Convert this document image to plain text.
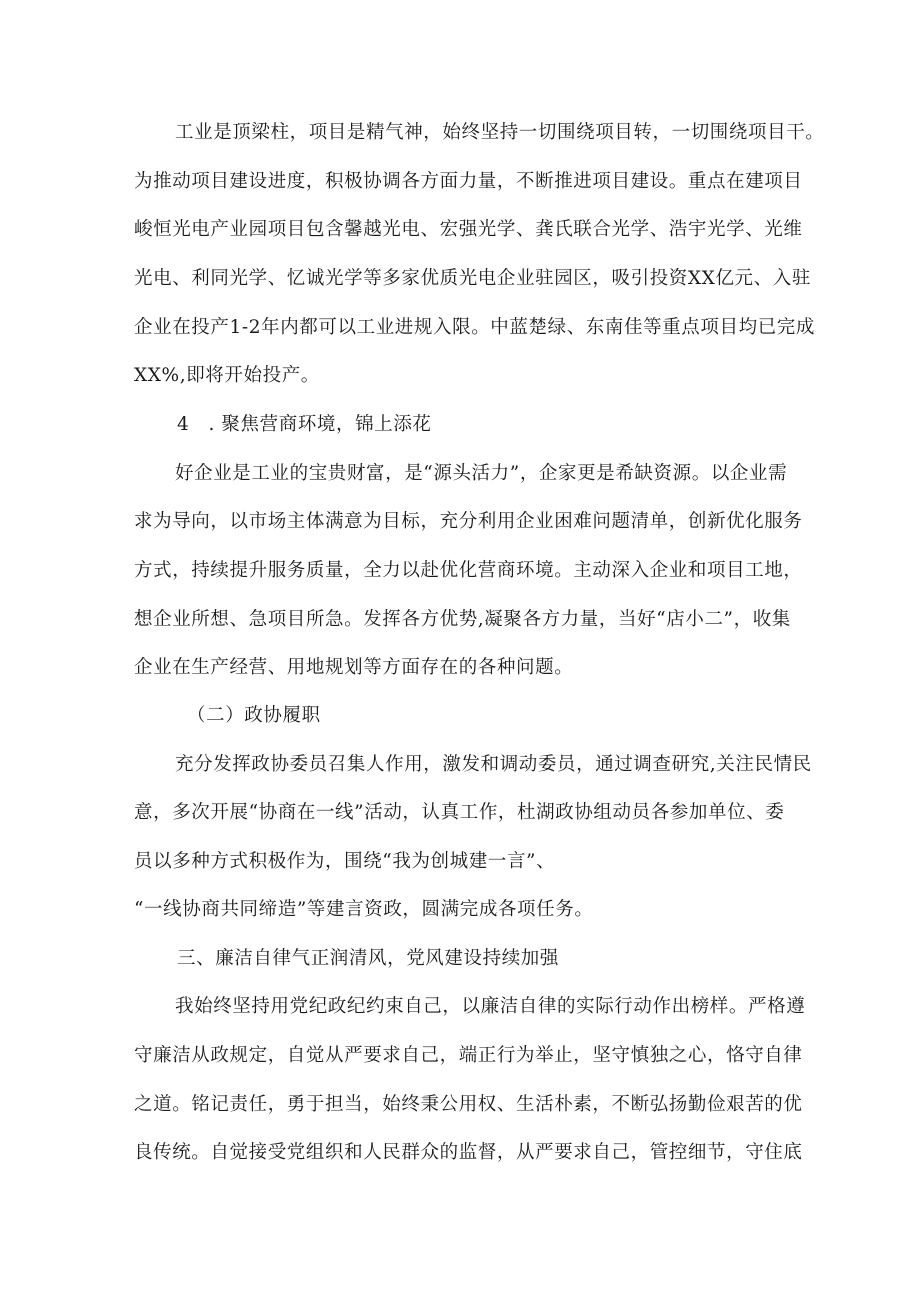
工业是顶梁柱，项目是精气神，始终坚持一切围绕项目转，一切围绕项目干。
为推动项目建设进度，积极协调各方面力量，不断推进项目建设。重点在建项目
峻恒光电产业园项目包含馨越光电、宏强光学、龚氏联合光学、浩宇光学、光维
光电、利同光学、忆诚光学等多家优质光电企业驻园区，吸引投资XX亿元、入驻
企业在投产1-2年内都可以工业进规入限。中蓝楚绿、东南佳等重点项目均已完成
XX%,即将开始投产。
4　. 聚焦营商环境，锦上添花
好企业是工业的宝贵财富，是“源头活力”，企家更是希缺资源。以企业需
求为导向，以市场主体满意为目标，充分利用企业困难问题清单，创新优化服务
方式，持续提升服务质量，全力以赴优化营商环境。主动深入企业和项目工地，
想企业所想、急项目所急。发挥各方优势,凝聚各方力量，当好“店小二”，收集
企业在生产经营、用地规划等方面存在的各种问题。
（二）政协履职
充分发挥政协委员召集人作用，激发和调动委员，通过调查研究,关注民情民
意，多次开展“协商在一线”活动，认真工作，杜湖政协组动员各参加单位、委
员以多种方式积极作为，围绕“我为创城建一言”、
“一线协商共同缔造”等建言资政，圆满完成各项任务。
三、廉洁自律气正润清风，党风建设持续加强
我始终坚持用党纪政纪约束自己，以廉洁自律的实际行动作出榜样。严格遵
守廉洁从政规定，自觉从严要求自己，端正行为举止，坚守慎独之心，恪守自律
之道。铭记责任，勇于担当，始终秉公用权、生活朴素，不断弘扬勤俭艰苦的优
良传统。自觉接受党组织和人民群众的监督，从严要求自己，管控细节，守住底
